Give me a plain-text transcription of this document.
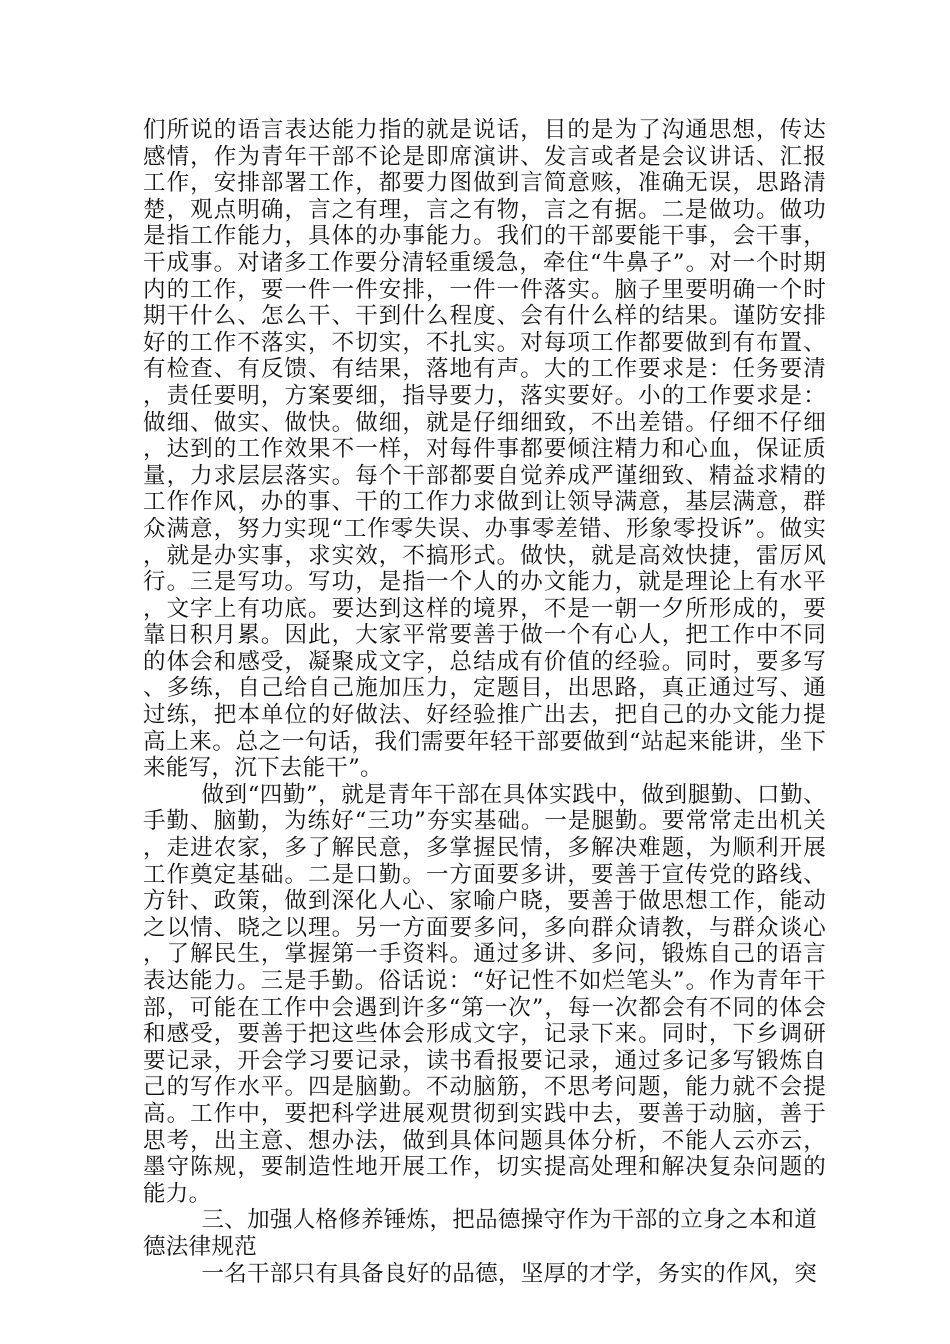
们所说的语言表达能力指的就是说话，目的是为了沟通思想，传达感情，作为青年干部不论是即席演讲、发言或者是会议讲话、汇报工作，安排部署工作，都要力图做到言简意赅，准确无误，思路清楚，观点明确，言之有理，言之有物，言之有据。二是做功。做功是指工作能力，具体的办事能力。我们的干部要能干事，会干事，干成事。对诸多工作要分清轻重缓急，牵住“牛鼻子”。对一个时期内的工作，要一件一件安排，一件一件落实。脑子里要明确一个时期干什么、怎么干、干到什么程度、会有什么样的结果。谨防安排好的工作不落实，不切实，不扎实。对每项工作都要做到有布置、有检查、有反馈、有结果，落地有声。大的工作要求是：任务要清，责任要明，方案要细，指导要力，落实要好。小的工作要求是：做细、做实、做快。做细，就是仔细细致，不出差错。仔细不仔细，达到的工作效果不一样，对每件事都要倾注精力和心血，保证质量，力求层层落实。每个干部都要自觉养成严谨细致、精益求精的工作作风，办的事、干的工作力求做到让领导满意，基层满意，群众满意，努力实现“工作零失误、办事零差错、形象零投诉”。做实，就是办实事，求实效，不搞形式。做快，就是高效快捷，雷厉风行。三是写功。写功，是指一个人的办文能力，就是理论上有水平，文字上有功底。要达到这样的境界，不是一朝一夕所形成的，要靠日积月累。因此，大家平常要善于做一个有心人，把工作中不同的体会和感受，凝聚成文字，总结成有价值的经验。同时，要多写、多练，自己给自己施加压力，定题目，出思路，真正通过写、通过练，把本单位的好做法、好经验推广出去，把自己的办文能力提高上来。总之一句话，我们需要年轻干部要做到“站起来能讲，坐下来能写，沉下去能干”。

做到“四勤”，就是青年干部在具体实践中，做到腿勤、口勤、手勤、脑勤，为练好“三功”夯实基础。一是腿勤。要常常走出机关，走进农家，多了解民意，多掌握民情，多解决难题，为顺利开展工作奠定基础。二是口勤。一方面要多讲，要善于宣传党的路线、方针、政策，做到深化人心、家喻户晓，要善于做思想工作，能动之以情、晓之以理。另一方面要多问，多向群众请教，与群众谈心，了解民生，掌握第一手资料。通过多讲、多问，锻炼自己的语言表达能力。三是手勤。俗话说：“好记性不如烂笔头”。作为青年干部，可能在工作中会遇到许多“第一次”，每一次都会有不同的体会和感受，要善于把这些体会形成文字，记录下来。同时，下乡调研要记录，开会学习要记录，读书看报要记录，通过多记多写锻炼自己的写作水平。四是脑勤。不动脑筋，不思考问题，能力就不会提高。工作中，要把科学进展观贯彻到实践中去，要善于动脑，善于思考，出主意、想办法，做到具体问题具体分析，不能人云亦云，墨守陈规，要制造性地开展工作，切实提高处理和解决复杂问题的能力。

三、加强人格修养锤炼，把品德操守作为干部的立身之本和道德法律规范

一名干部只有具备良好的品德，坚厚的才学，务实的作风，突
